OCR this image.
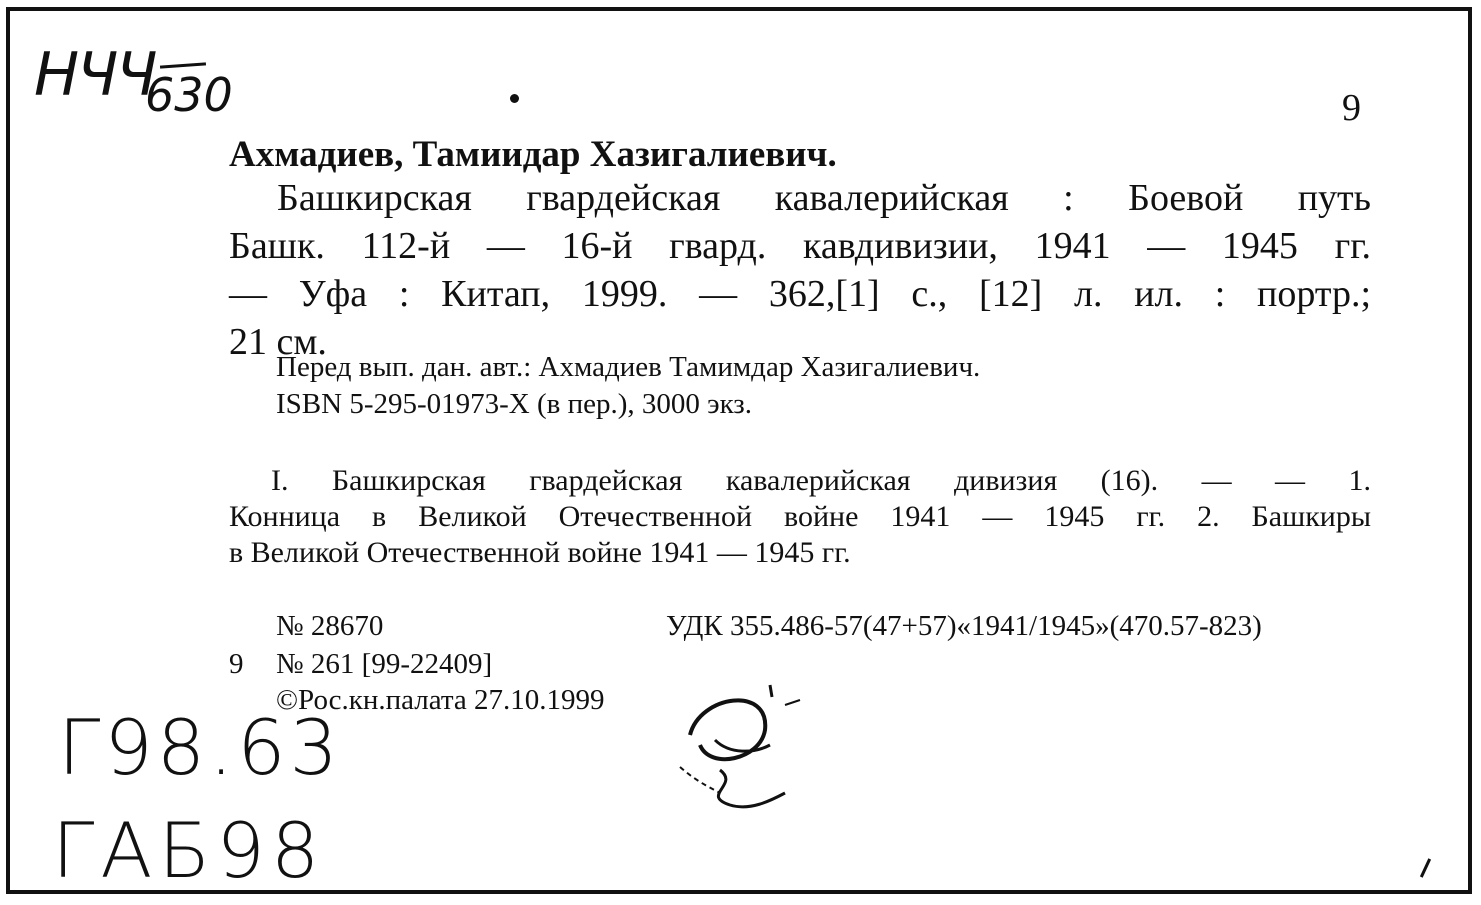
НЧЧ
630	9
Ахмадиев, Тамиидар Хазигалиевич.
Башкирская гвардейская кавалерийская : Боевой путь
Башк. 112-й — 16-й гвард. кавдивизии, 1941 — 1945 гг.
— Уфа : Китап, 1999. — 362,[1] с., [12] л. ил. : портр.;
21 см.
Перед вып. дан. авт.: Ахмадиев Тамимдар Хазигалиевич.
ISBN 5-295-01973-X (в пер.), 3000 экз.
I. Башкирская гвардейская кавалерийская дивизия (16). — — 1.
Конница в Великой Отечественной войне 1941 — 1945 гг. 2. Башкиры
в Великой Отечественной войне 1941 — 1945 гг.
№ 28670	УДК 355.486-57(47+57)«1941/1945»(470.57-823)
9 № 261 [99-22409]
©Рос.кн.палата 27.10.1999
Г98.63
ГАБ98
